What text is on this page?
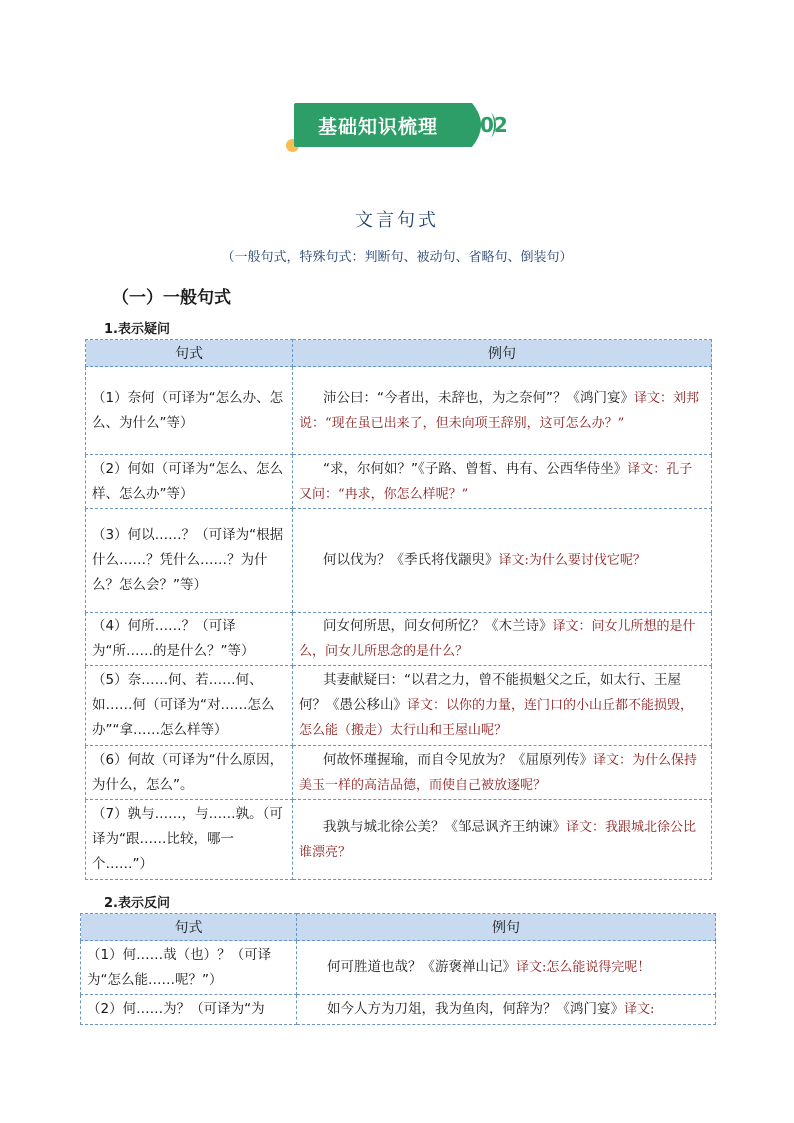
基础知识梳理 02
文言句式
（一般句式，特殊句式：判断句、被动句、省略句、倒装句）
（一）一般句式
1.表示疑问
句式	例句
（1）奈何（可译为“怎么办、怎么、为什么”等）	沛公曰：“今者出，未辞也，为之奈何”？《鸿门宴》译文：刘邦说：“现在虽已出来了，但未向项王辞别，这可怎么办？”
（2）何如（可译为“怎么、怎么样、怎么办”等）	“求，尔何如？”《子路、曾皙、冉有、公西华侍坐》译文：孔子又问：“冉求，你怎么样呢？”
（3）何以……？（可译为“根据什么……？凭什么……？为什么？怎么会？”等）	何以伐为？《季氏将伐颛臾》译文:为什么要讨伐它呢？
（4）何所……？（可译为“所……的是什么？”等）	问女何所思，问女何所忆？《木兰诗》译文：问女儿所想的是什么，问女儿所思念的是什么？
（5）奈……何、若……何、如……何（可译为“对……怎么办”“拿……怎么样等）	其妻献疑曰：“以君之力，曾不能损魁父之丘，如太行、王屋何？《愚公移山》译文：以你的力量，连门口的小山丘都不能损毁，怎么能（搬走）太行山和王屋山呢？
（6）何故（可译为“什么原因，为什么，怎么”。	何故怀瑾握瑜，而自令见放为？《屈原列传》译文：为什么保持美玉一样的高洁品德，而使自己被放逐呢？
（7）孰与……，与……孰。（可译为“跟……比较，哪一个……”）	我孰与城北徐公美？《邹忌讽齐王纳谏》译文：我跟城北徐公比谁漂亮？
2.表示反问
句式	例句
（1）何……哉（也）？（可译为“怎么能……呢？”）	何可胜道也哉？《游褒禅山记》译文:怎么能说得完呢！
（2）何……为？（可译为“为	如今人方为刀俎，我为鱼肉，何辞为？《鸿门宴》译文:
